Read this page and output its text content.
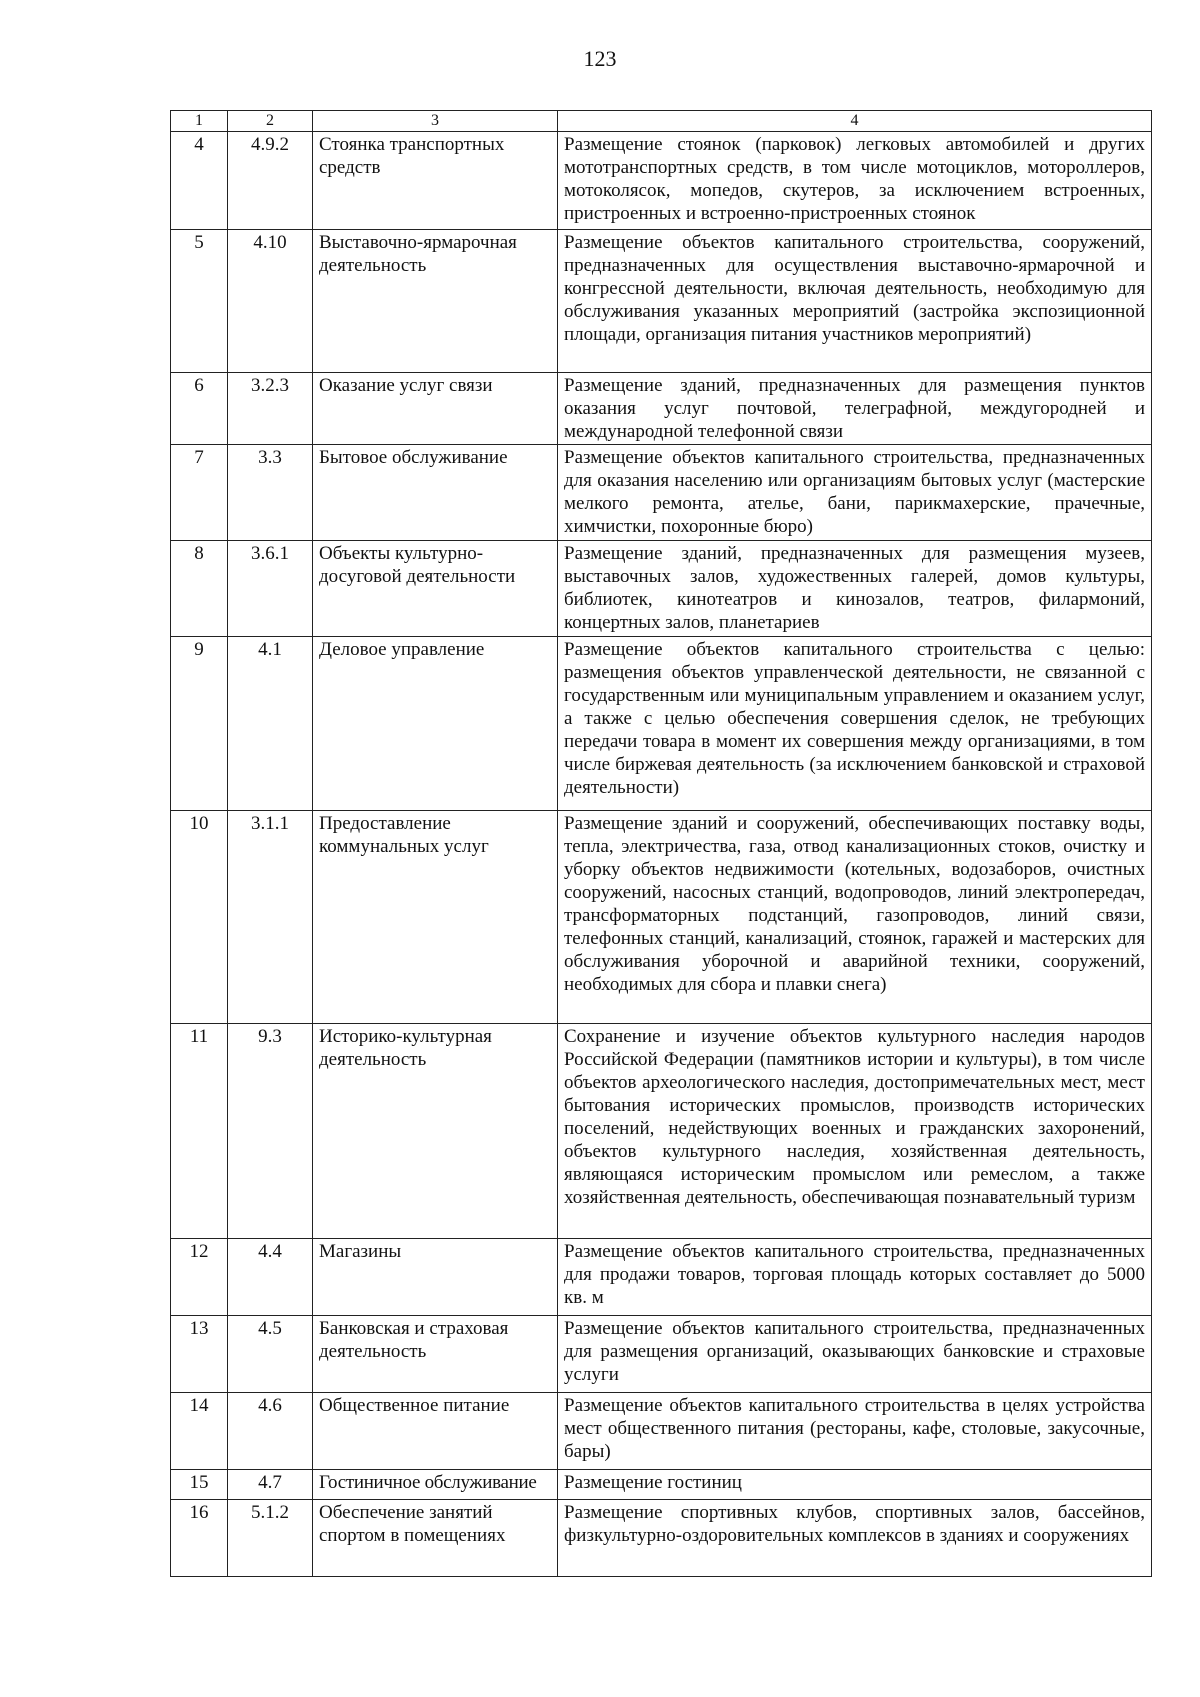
123
1	2	3	4
4	4.9.2	Стоянка транспортных средств	Размещение стоянок (парковок) легковых автомобилей и других мототранспортных средств, в том числе мотоциклов, мотороллеров, мотоколясок, мопедов, скутеров, за исключением встроенных, пристроенных и встроенно-пристроенных стоянок
5	4.10	Выставочно-ярмарочная деятельность	Размещение объектов капитального строительства, сооружений, предназначенных для осуществления выставочно-ярмарочной и конгрессной деятельности, включая деятельность, необходимую для обслуживания указанных мероприятий (застройка экспозиционной площади, организация питания участников мероприятий)
6	3.2.3	Оказание услуг связи	Размещение зданий, предназначенных для размещения пунктов оказания услуг почтовой, телеграфной, междугородней и международной телефонной связи
7	3.3	Бытовое обслуживание	Размещение объектов капитального строительства, предназначенных для оказания населению или организациям бытовых услуг (мастерские мелкого ремонта, ателье, бани, парикмахерские, прачечные, химчистки, похоронные бюро)
8	3.6.1	Объекты культурно-досуговой деятельности	Размещение зданий, предназначенных для размещения музеев, выставочных залов, художественных галерей, домов культуры, библиотек, кинотеатров и кинозалов, театров, филармоний, концертных залов, планетариев
9	4.1	Деловое управление	Размещение объектов капитального строительства с целью: размещения объектов управленческой деятельности, не связанной с государственным или муниципальным управлением и оказанием услуг, а также с целью обеспечения совершения сделок, не требующих передачи товара в момент их совершения между организациями, в том числе биржевая деятельность (за исключением банковской и страховой деятельности)
10	3.1.1	Предоставление коммунальных услуг	Размещение зданий и сооружений, обеспечивающих поставку воды, тепла, электричества, газа, отвод канализационных стоков, очистку и уборку объектов недвижимости (котельных, водозаборов, очистных сооружений, насосных станций, водопроводов, линий электропередач, трансформаторных подстанций, газопроводов, линий связи, телефонных станций, канализаций, стоянок, гаражей и мастерских для обслуживания уборочной и аварийной техники, сооружений, необходимых для сбора и плавки снега)
11	9.3	Историко-культурная деятельность	Сохранение и изучение объектов культурного наследия народов Российской Федерации (памятников истории и культуры), в том числе объектов археологического наследия, достопримечательных мест, мест бытования исторических промыслов, производств исторических поселений, недействующих военных и гражданских захоронений, объектов культурного наследия, хозяйственная деятельность, являющаяся историческим промыслом или ремеслом, а также хозяйственная деятельность, обеспечивающая познавательный туризм
12	4.4	Магазины	Размещение объектов капитального строительства, предназначенных для продажи товаров, торговая площадь которых составляет до 5000 кв. м
13	4.5	Банковская и страховая деятельность	Размещение объектов капитального строительства, предназначенных для размещения организаций, оказывающих банковские и страховые услуги
14	4.6	Общественное питание	Размещение объектов капитального строительства в целях устройства мест общественного питания (рестораны, кафе, столовые, закусочные, бары)
15	4.7	Гостиничное обслуживание	Размещение гостиниц
16	5.1.2	Обеспечение занятий спортом в помещениях	Размещение спортивных клубов, спортивных залов, бассейнов, физкультурно-оздоровительных комплексов в зданиях и сооружениях
